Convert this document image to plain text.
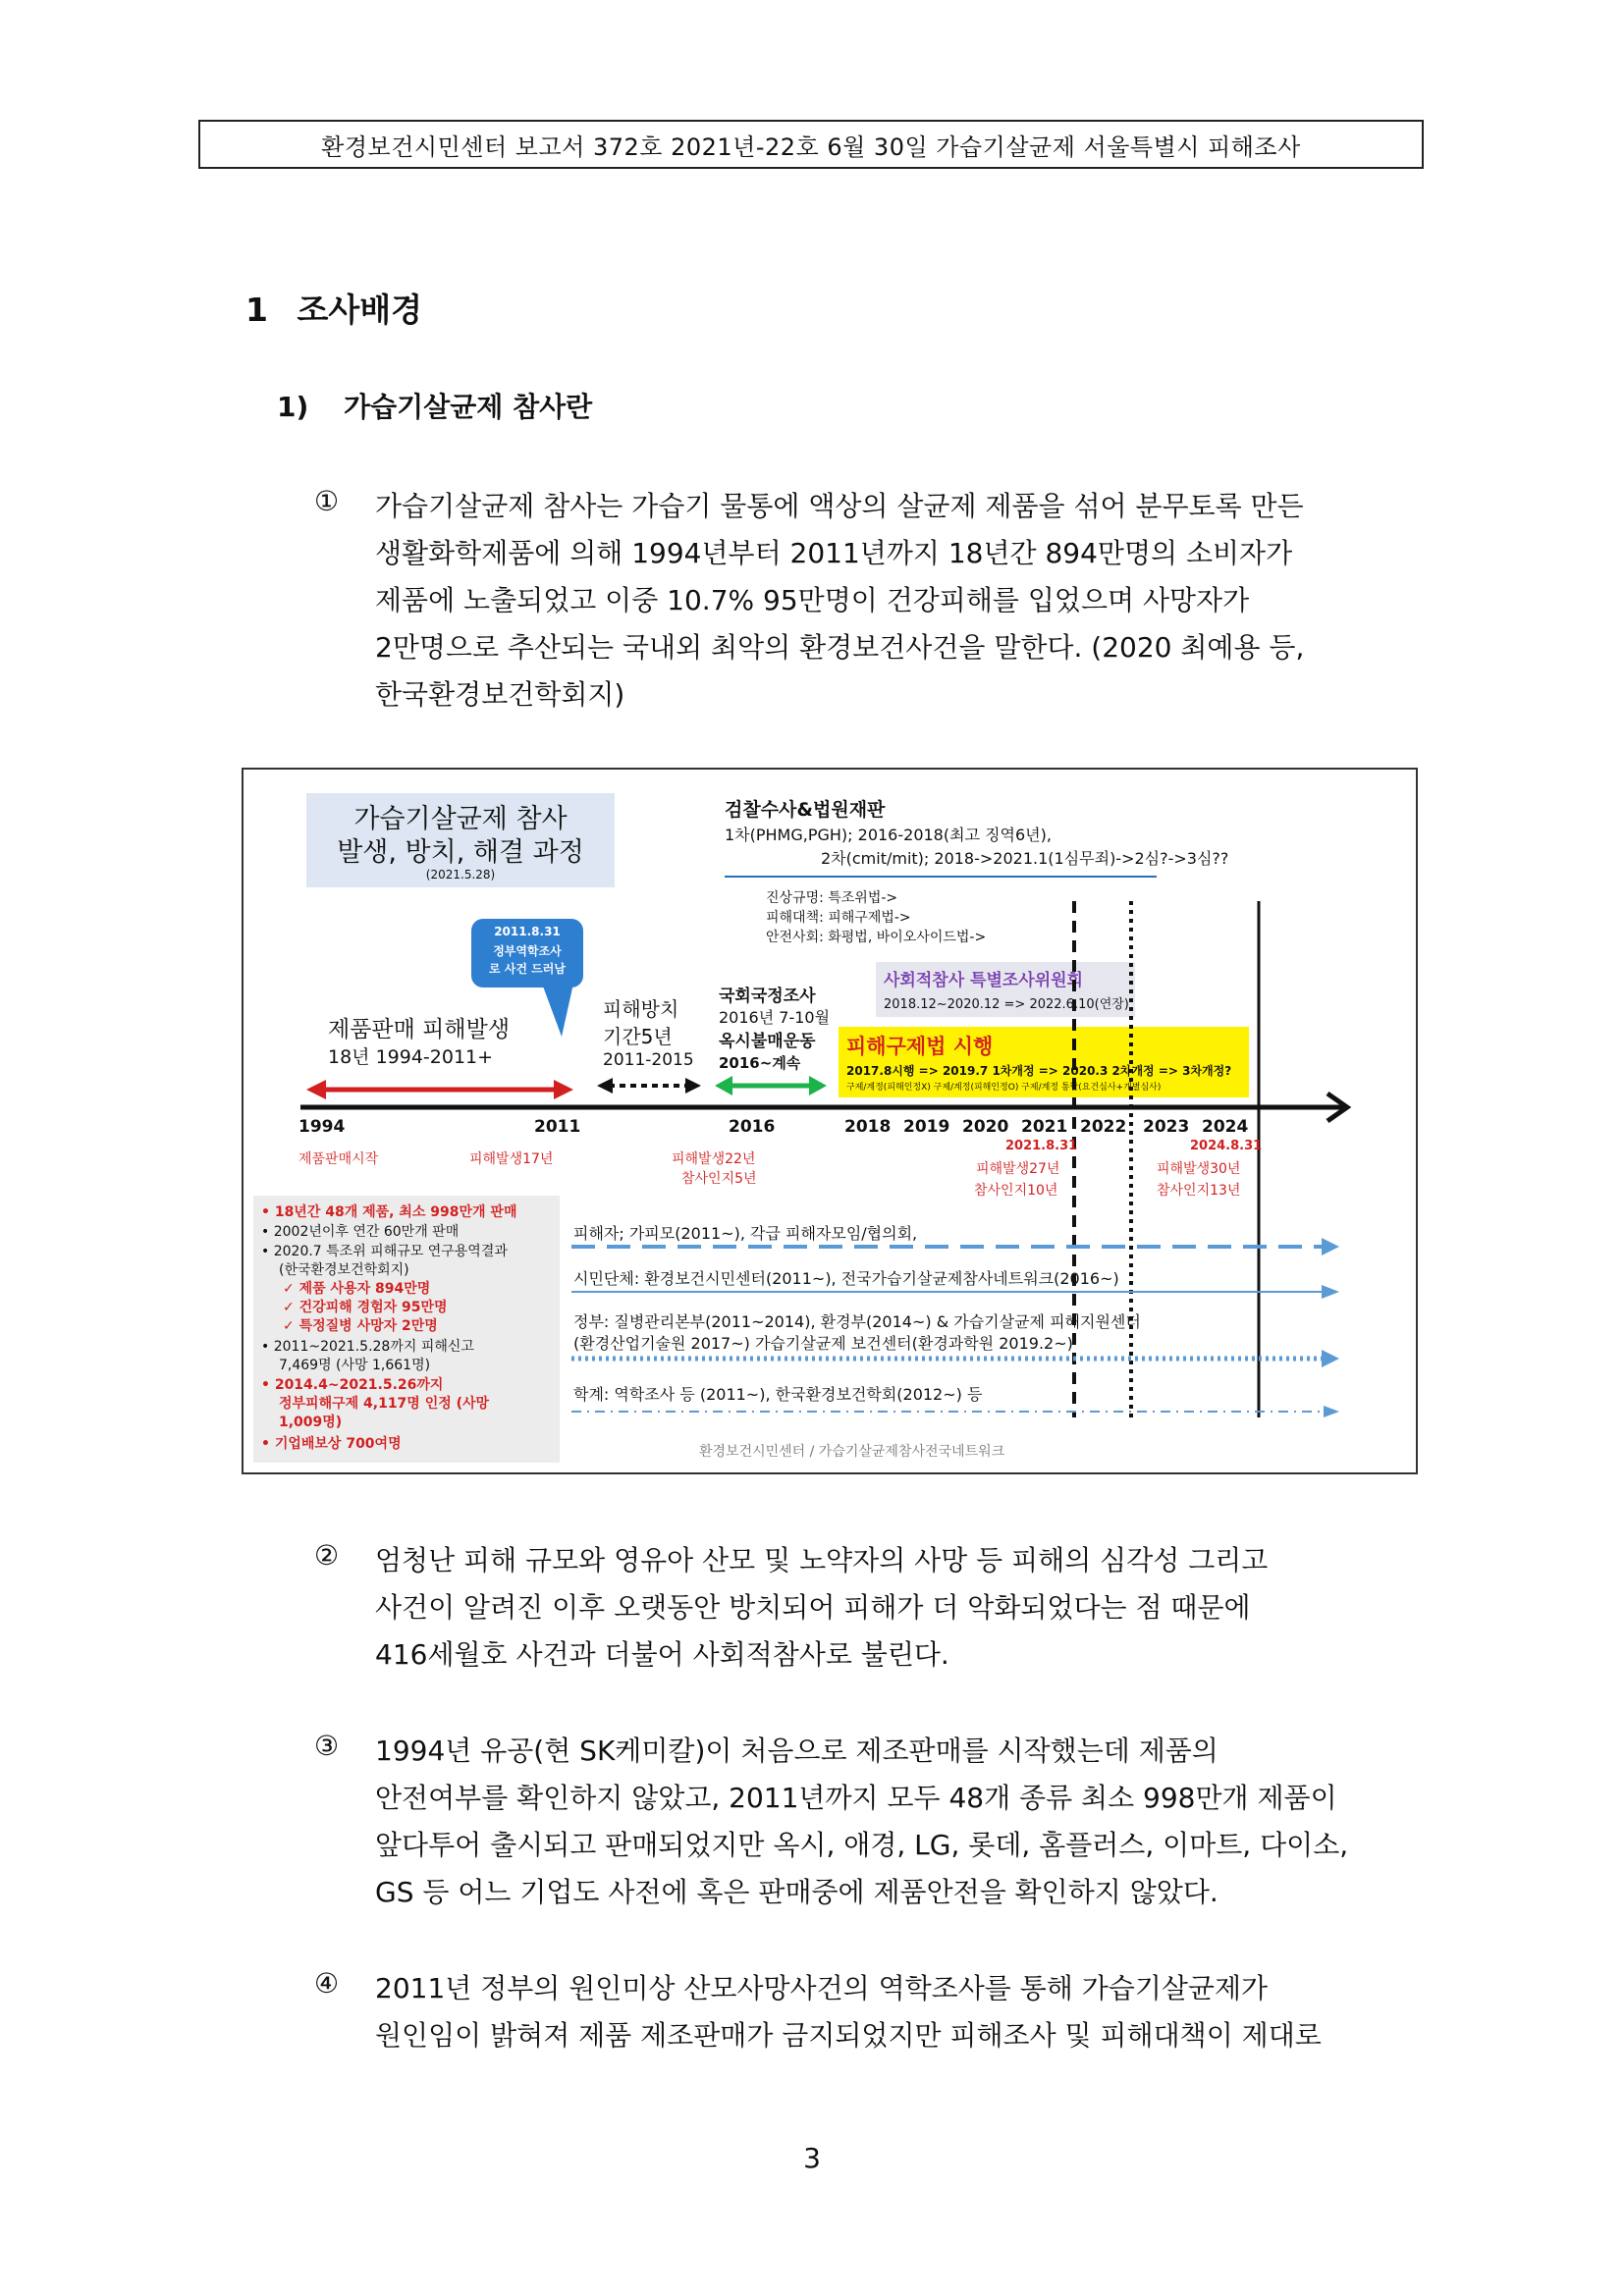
환경보건시민센터 보고서 372호 2021년-22호 6월 30일 가습기살균제 서울특별시 피해조사
1 조사배경
1) 가습기살균제 참사란
① 가습기살균제 참사는 가습기 물통에 액상의 살균제 제품을 섞어 분무토록 만든
생활화학제품에 의해 1994년부터 2011년까지 18년간 894만명의 소비자가
제품에 노출되었고 이중 10.7% 95만명이 건강피해를 입었으며 사망자가
2만명으로 추산되는 국내외 최악의 환경보건사건을 말한다. (2020 최예용 등,
한국환경보건학회지)
가습기살균제 참사
발생, 방치, 해결 과정
(2021.5.28)
검찰수사&법원재판
1차(PHMG,PGH); 2016-2018(최고 징역6년),
2차(cmit/mit); 2018->2021.1(1심무죄)->2심?->3심??
진상규명: 특조위법->
피해대책: 피해구제법->
안전사회: 화평법, 바이오사이드법->
2011.8.31
정부역학조사
로 사건 드러남
제품판매 피해발생
18년 1994-2011+
피해방치
기간5년
2011-2015
국회국정조사
2016년 7-10월
옥시불매운동
2016~계속
사회적참사 특별조사위원회
2018.12~2020.12 => 2022.6.10(연장)
피해구제법 시행
2017.8시행 => 2019.7 1차개정 => 2020.3 2차개정 => 3차개정?
구제/계정(피해인정X) 구제/계정(피해인정O) 구제/계정 통합(요건심사+개별심사)
1994	2011	2016	2018 2019 2020 2021 2022 2023 2024
제품판매시작	피해발생17년	피해발생22년
참사인지5년
2021.8.31
피해발생27년
참사인지10년
2024.8.31
피해발생30년
참사인지13년
• 18년간 48개 제품, 최소 998만개 판매
• 2002년이후 연간 60만개 판매
• 2020.7 특조위 피해규모 연구용역결과
(한국환경보건학회지)
✓ 제품 사용자 894만명
✓ 건강피해 경험자 95만명
✓ 특정질병 사망자 2만명
• 2011~2021.5.28까지 피해신고
7,469명 (사망 1,661명)
• 2014.4~2021.5.26까지
정부피해구제 4,117명 인정 (사망
1,009명)
• 기업배보상 700여명
피해자; 가피모(2011~), 각급 피해자모임/협의회,
시민단체: 환경보건시민센터(2011~), 전국가습기살균제참사네트워크(2016~)
정부: 질병관리본부(2011~2014), 환경부(2014~) & 가습기살균제 피해지원센터
(환경산업기술원 2017~) 가습기살균제 보건센터(환경과학원 2019.2~)
학계: 역학조사 등 (2011~), 한국환경보건학회(2012~) 등
환경보건시민센터 / 가습기살균제참사전국네트워크
② 엄청난 피해 규모와 영유아 산모 및 노약자의 사망 등 피해의 심각성 그리고
사건이 알려진 이후 오랫동안 방치되어 피해가 더 악화되었다는 점 때문에
416세월호 사건과 더불어 사회적참사로 불린다.
③ 1994년 유공(현 SK케미칼)이 처음으로 제조판매를 시작했는데 제품의
안전여부를 확인하지 않았고, 2011년까지 모두 48개 종류 최소 998만개 제품이
앞다투어 출시되고 판매되었지만 옥시, 애경, LG, 롯데, 홈플러스, 이마트, 다이소,
GS 등 어느 기업도 사전에 혹은 판매중에 제품안전을 확인하지 않았다.
④ 2011년 정부의 원인미상 산모사망사건의 역학조사를 통해 가습기살균제가
원인임이 밝혀져 제품 제조판매가 금지되었지만 피해조사 및 피해대책이 제대로
3
